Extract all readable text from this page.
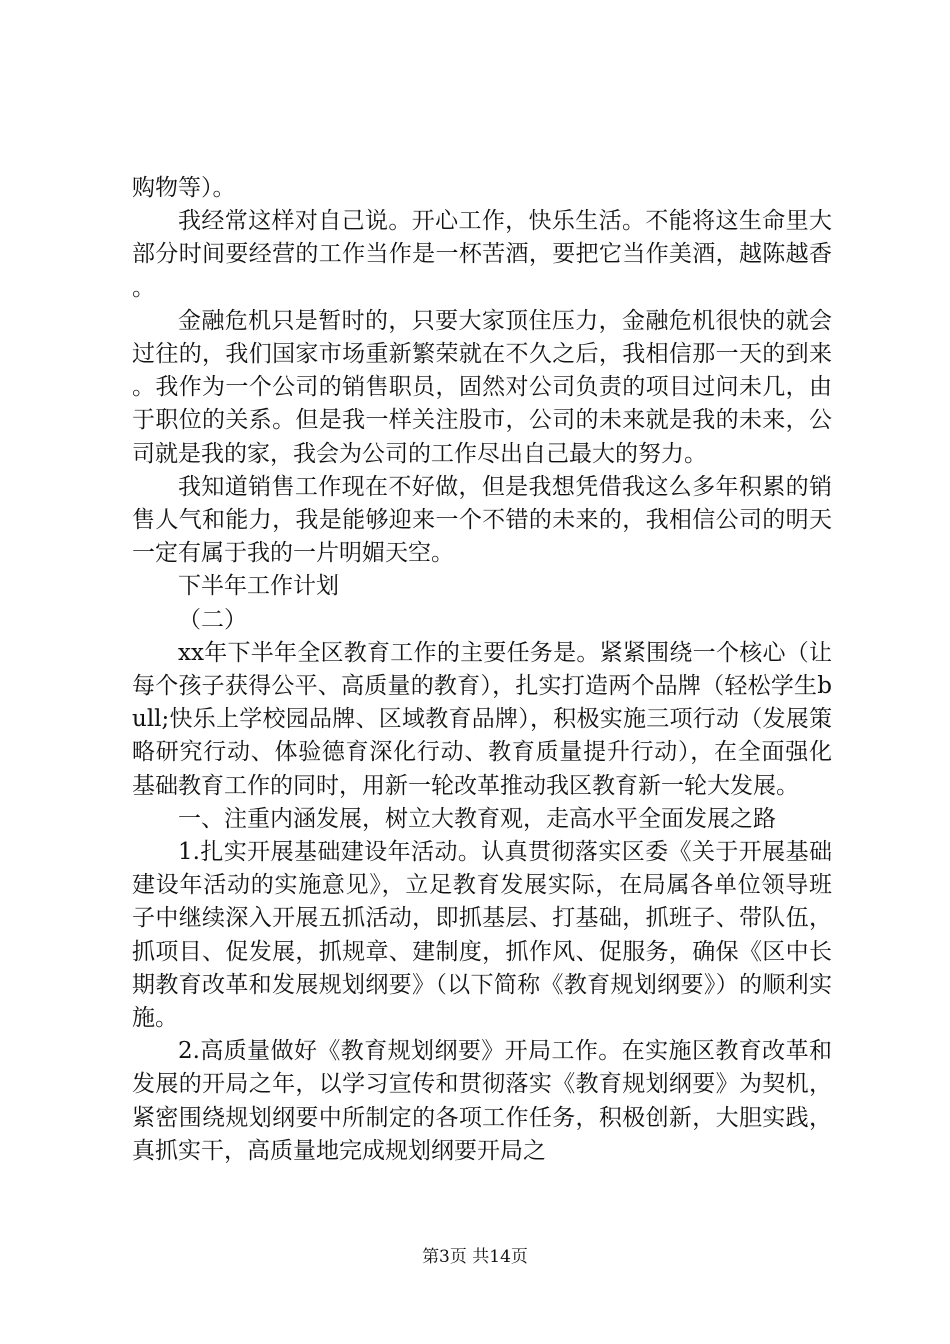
购物等）。

我经常这样对自己说。开心工作，快乐生活。不能将这生命里大部分时间要经营的工作当作是一杯苦酒，要把它当作美酒，越陈越香。

金融危机只是暂时的，只要大家顶住压力，金融危机很快的就会过往的，我们国家市场重新繁荣就在不久之后，我相信那一天的到来。我作为一个公司的销售职员，固然对公司负责的项目过问未几，由于职位的关系。但是我一样关注股市，公司的未来就是我的未来，公司就是我的家，我会为公司的工作尽出自己最大的努力。

我知道销售工作现在不好做，但是我想凭借我这么多年积累的销售人气和能力，我是能够迎来一个不错的未来的，我相信公司的明天一定有属于我的一片明媚天空。

下半年工作计划

（二）

xx年下半年全区教育工作的主要任务是。紧紧围绕一个核心（让每个孩子获得公平、高质量的教育），扎实打造两个品牌（轻松学生bull;快乐上学校园品牌、区域教育品牌），积极实施三项行动（发展策略研究行动、体验德育深化行动、教育质量提升行动），在全面强化基础教育工作的同时，用新一轮改革推动我区教育新一轮大发展。

一、注重内涵发展，树立大教育观，走高水平全面发展之路

1.扎实开展基础建设年活动。认真贯彻落实区委《关于开展基础建设年活动的实施意见》，立足教育发展实际，在局属各单位领导班子中继续深入开展五抓活动，即抓基层、打基础，抓班子、带队伍，抓项目、促发展，抓规章、建制度，抓作风、促服务，确保《区中长期教育改革和发展规划纲要》（以下简称《教育规划纲要》）的顺利实施。

2.高质量做好《教育规划纲要》开局工作。在实施区教育改革和发展的开局之年，以学习宣传和贯彻落实《教育规划纲要》为契机，紧密围绕规划纲要中所制定的各项工作任务，积极创新，大胆实践，真抓实干，高质量地完成规划纲要开局之

第3页 共14页
